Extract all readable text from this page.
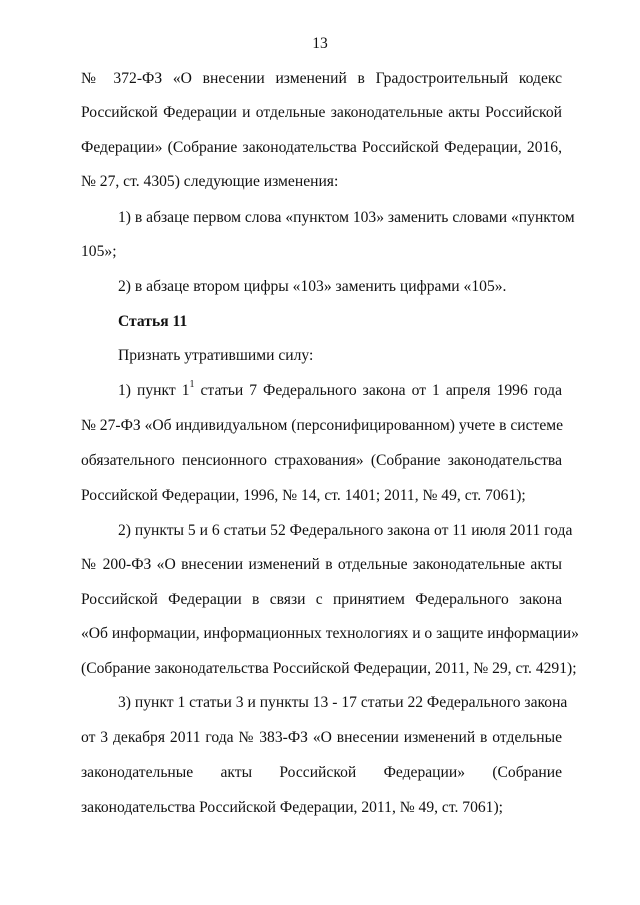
13
№ 372-ФЗ «О внесении изменений в Градостроительный кодекс
Российской Федерации и отдельные законодательные акты Российской
Федерации» (Собрание законодательства Российской Федерации, 2016,
№ 27, ст. 4305) следующие изменения:
1) в абзаце первом слова «пунктом 103» заменить словами «пунктом
105»;
2) в абзаце втором цифры «103» заменить цифрами «105».
Статья 11
Признать утратившими силу:
1) пункт $1^1$ статьи 7 Федерального закона от 1 апреля 1996 года
№ 27-ФЗ «Об индивидуальном (персонифицированном) учете в системе
обязательного пенсионного страхования» (Собрание законодательства
Российской Федерации, 1996, № 14, ст. 1401; 2011, № 49, ст. 7061);
2) пункты 5 и 6 статьи 52 Федерального закона от 11 июля 2011 года
№ 200-ФЗ «О внесении изменений в отдельные законодательные акты
Российской Федерации в связи с принятием Федерального закона
«Об информации, информационных технологиях и о защите информации»
(Собрание законодательства Российской Федерации, 2011, № 29, ст. 4291);
3) пункт 1 статьи 3 и пункты 13 - 17 статьи 22 Федерального закона
от 3 декабря 2011 года № 383-ФЗ «О внесении изменений в отдельные
законодательные акты Российской Федерации» (Собрание
законодательства Российской Федерации, 2011, № 49, ст. 7061);
